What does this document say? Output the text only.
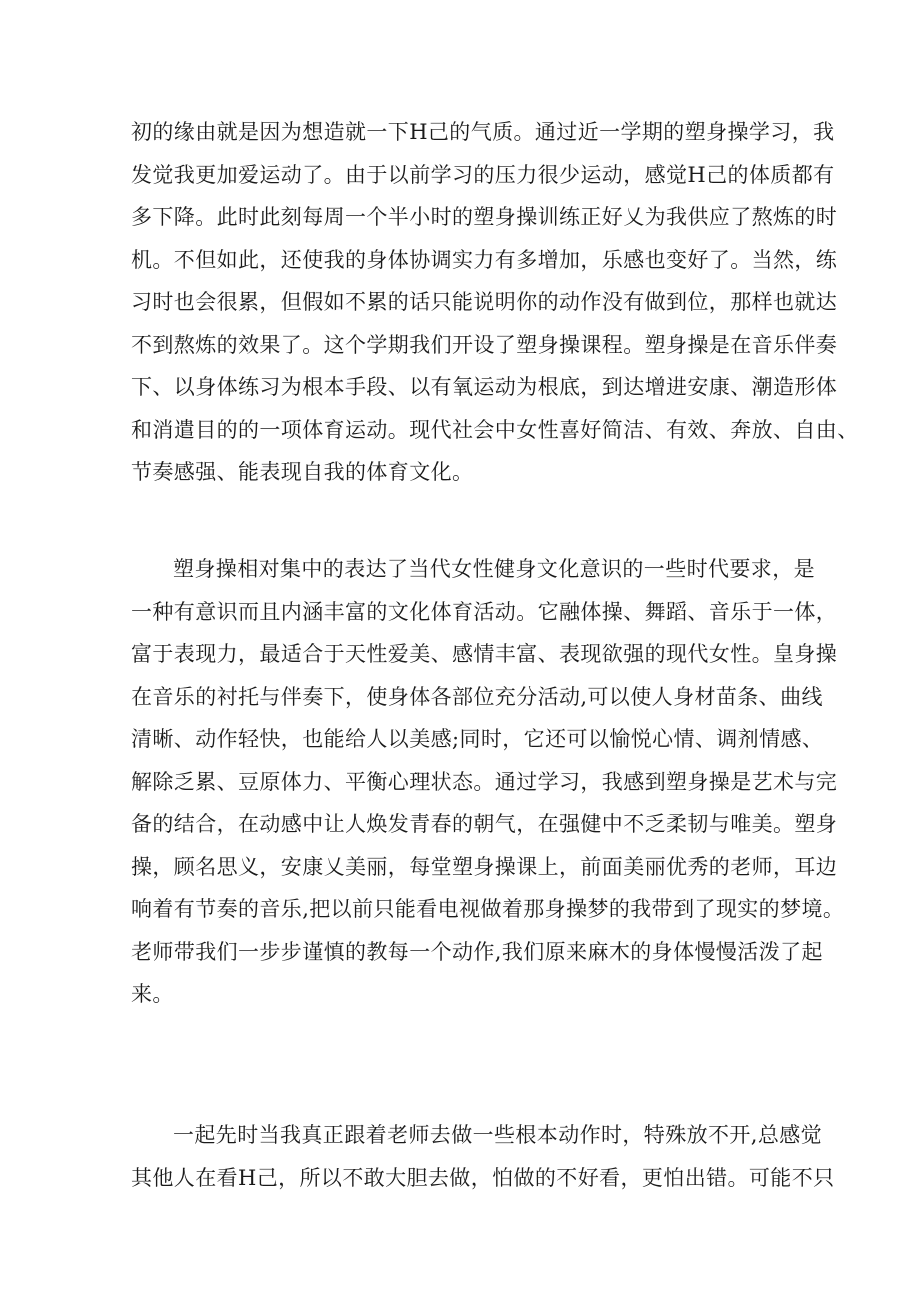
初的缘由就是因为想造就一下H己的气质。通过近一学期的塑身操学习，我
发觉我更加爱运动了。由于以前学习的压力很少运动，感觉H己的体质都有
多下降。此时此刻每周一个半小时的塑身操训练正好乂为我供应了熬炼的时
机。不但如此，还使我的身体协调实力有多增加，乐感也变好了。当然，练
习时也会很累，但假如不累的话只能说明你的动作没有做到位，那样也就达
不到熬炼的效果了。这个学期我们开设了塑身操课程。塑身操是在音乐伴奏
下、以身体练习为根本手段、以有氧运动为根底，到达增进安康、潮造形体
和消遣目的的一项体育运动。现代社会中女性喜好简洁、有效、奔放、自由、
节奏感强、能表现自我的体育文化。
塑身操相对集中的表达了当代女性健身文化意识的一些时代要求，是
一种有意识而且内涵丰富的文化体育活动。它融体操、舞蹈、音乐于一体，
富于表现力，最适合于天性爱美、感情丰富、表现欲强的现代女性。皇身操
在音乐的衬托与伴奏下，使身体各部位充分活动,可以使人身材苗条、曲线
清晰、动作轻快，也能给人以美感;同时，它还可以愉悦心情、调剂情感、
解除乏累、豆原体力、平衡心理状态。通过学习，我感到塑身操是艺术与完
备的结合，在动感中让人焕发青春的朝气，在强健中不乏柔韧与唯美。塑身
操，顾名思义，安康乂美丽，每堂塑身操课上，前面美丽优秀的老师，耳边
响着有节奏的音乐,把以前只能看电视做着那身操梦的我带到了现实的梦境。
老师带我们一步步谨慎的教每一个动作,我们原来麻木的身体慢慢活泼了起
来。
一起先时当我真正跟着老师去做一些根本动作时，特殊放不开,总感觉
其他人在看H己，所以不敢大胆去做，怕做的不好看，更怕出错。可能不只
